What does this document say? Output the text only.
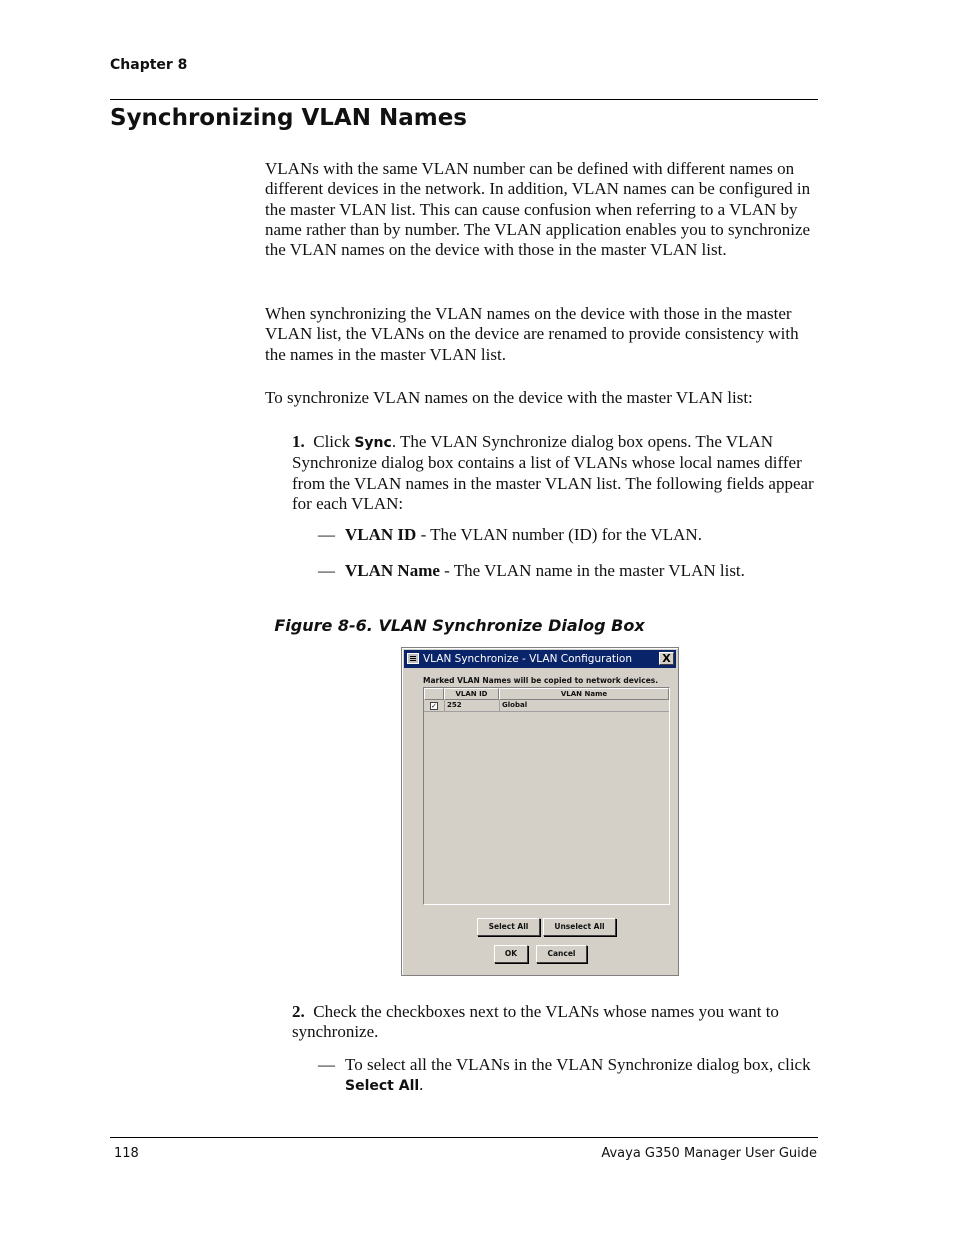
Chapter 8
Synchronizing VLAN Names
VLANs with the same VLAN number can be defined with different names on different devices in the network. In addition, VLAN names can be configured in the master VLAN list. This can cause confusion when referring to a VLAN by name rather than by number. The VLAN application enables you to synchronize the VLAN names on the device with those in the master VLAN list.
When synchronizing the VLAN names on the device with those in the master VLAN list, the VLANs on the device are renamed to provide consistency with the names in the master VLAN list.
To synchronize VLAN names on the device with the master VLAN list:
1. Click Sync. The VLAN Synchronize dialog box opens. The VLAN Synchronize dialog box contains a list of VLANs whose local names differ from the VLAN names in the master VLAN list. The following fields appear for each VLAN:
— VLAN ID - The VLAN number (ID) for the VLAN.
— VLAN Name - The VLAN name in the master VLAN list.
Figure 8-6. VLAN Synchronize Dialog Box
VLAN Synchronize - VLAN Configuration	X
Marked VLAN Names will be copied to network devices.
VLAN ID	VLAN Name
✓ 252	Global
Select All	Unselect All
OK	Cancel
2. Check the checkboxes next to the VLANs whose names you want to synchronize.
— To select all the VLANs in the VLAN Synchronize dialog box, click Select All.
118	Avaya G350 Manager User Guide
